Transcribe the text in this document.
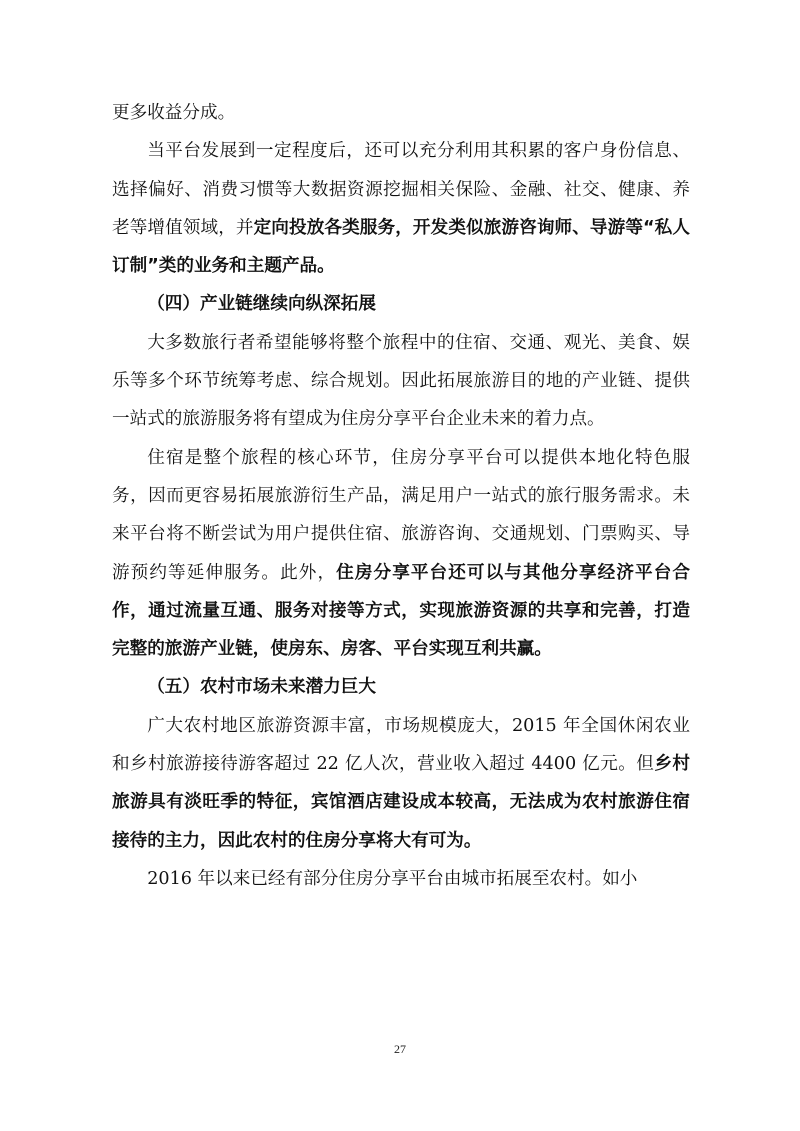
更多收益分成。

当平台发展到一定程度后，还可以充分利用其积累的客户身份信息、选择偏好、消费习惯等大数据资源挖掘相关保险、金融、社交、健康、养老等增值领域，并定向投放各类服务，开发类似旅游咨询师、导游等“私人订制”类的业务和主题产品。

（四）产业链继续向纵深拓展

大多数旅行者希望能够将整个旅程中的住宿、交通、观光、美食、娱乐等多个环节统筹考虑、综合规划。因此拓展旅游目的地的产业链、提供一站式的旅游服务将有望成为住房分享平台企业未来的着力点。

住宿是整个旅程的核心环节，住房分享平台可以提供本地化特色服务，因而更容易拓展旅游衍生产品，满足用户一站式的旅行服务需求。未来平台将不断尝试为用户提供住宿、旅游咨询、交通规划、门票购买、导游预约等延伸服务。此外，住房分享平台还可以与其他分享经济平台合作，通过流量互通、服务对接等方式，实现旅游资源的共享和完善，打造完整的旅游产业链，使房东、房客、平台实现互利共赢。

（五）农村市场未来潜力巨大

广大农村地区旅游资源丰富，市场规模庞大，2015 年全国休闲农业和乡村旅游接待游客超过 22 亿人次，营业收入超过 4400 亿元。但乡村旅游具有淡旺季的特征，宾馆酒店建设成本较高，无法成为农村旅游住宿接待的主力，因此农村的住房分享将大有可为。

2016 年以来已经有部分住房分享平台由城市拓展至农村。如小

27
